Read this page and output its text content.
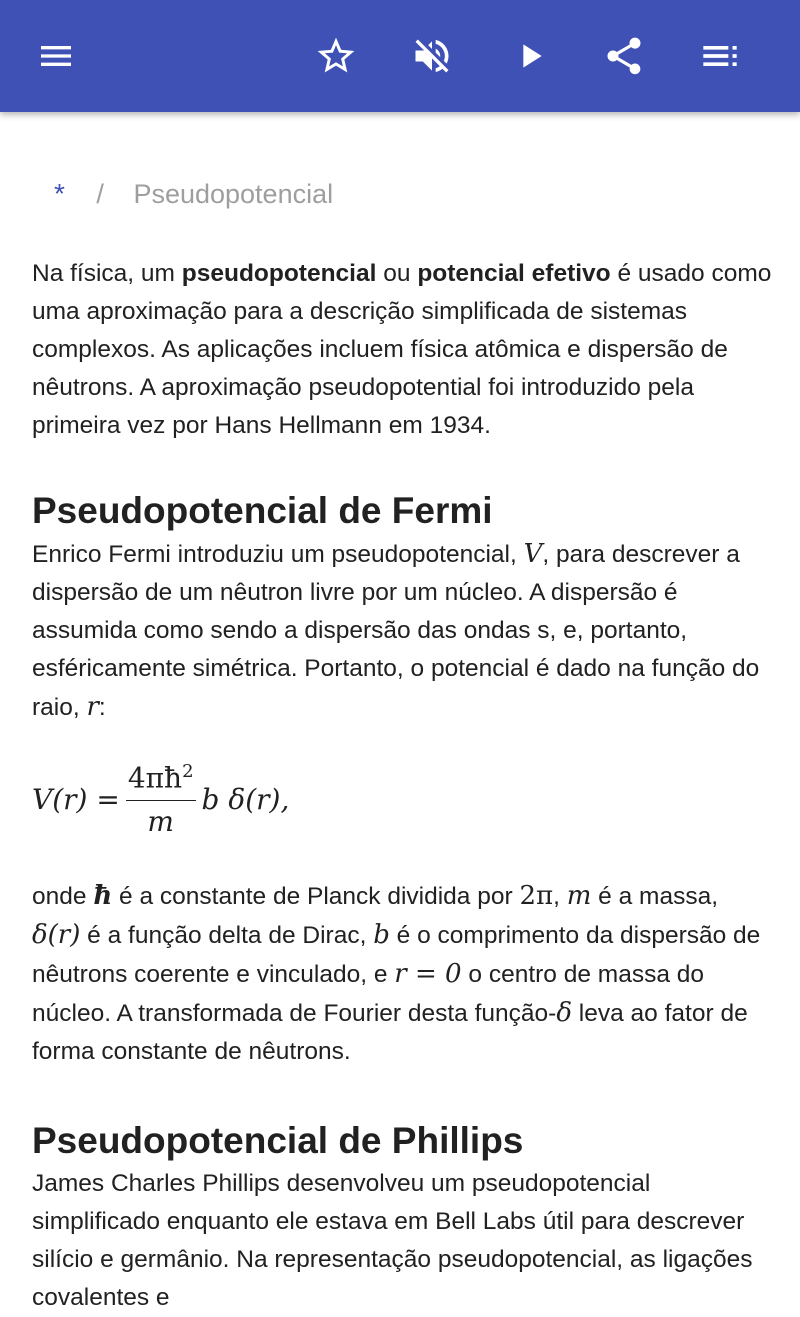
* / Pseudopotencial

Na física, um pseudopotencial ou potencial efetivo é usado como uma aproximação para a descrição simplificada de sistemas complexos. As aplicações incluem física atômica e dispersão de nêutrons. A aproximação pseudopotential foi introduzido pela primeira vez por Hans Hellmann em 1934.

Pseudopotencial de Fermi

Enrico Fermi introduziu um pseudopotencial, V, para descrever a dispersão de um nêutron livre por um núcleo. A dispersão é assumida como sendo a dispersão das ondas s, e, portanto, esféricamente simétrica. Portanto, o potencial é dado na função do raio, r:

$V(r) = \frac{4\pi ħ^2}{m}$ b δ(r),

onde ħ é a constante de Planck dividida por 2π, m é a massa, δ(r) é a função delta de Dirac, b é o comprimento da dispersão de nêutrons coerente e vinculado, e r = 0 o centro de massa do núcleo. A transformada de Fourier desta função-δ leva ao fator de forma constante de nêutrons.

Pseudopotencial de Phillips

James Charles Phillips desenvolveu um pseudopotencial simplificado enquanto ele estava em Bell Labs útil para descrever silício e germânio. Na representação pseudopotencial, as ligações covalentes e
